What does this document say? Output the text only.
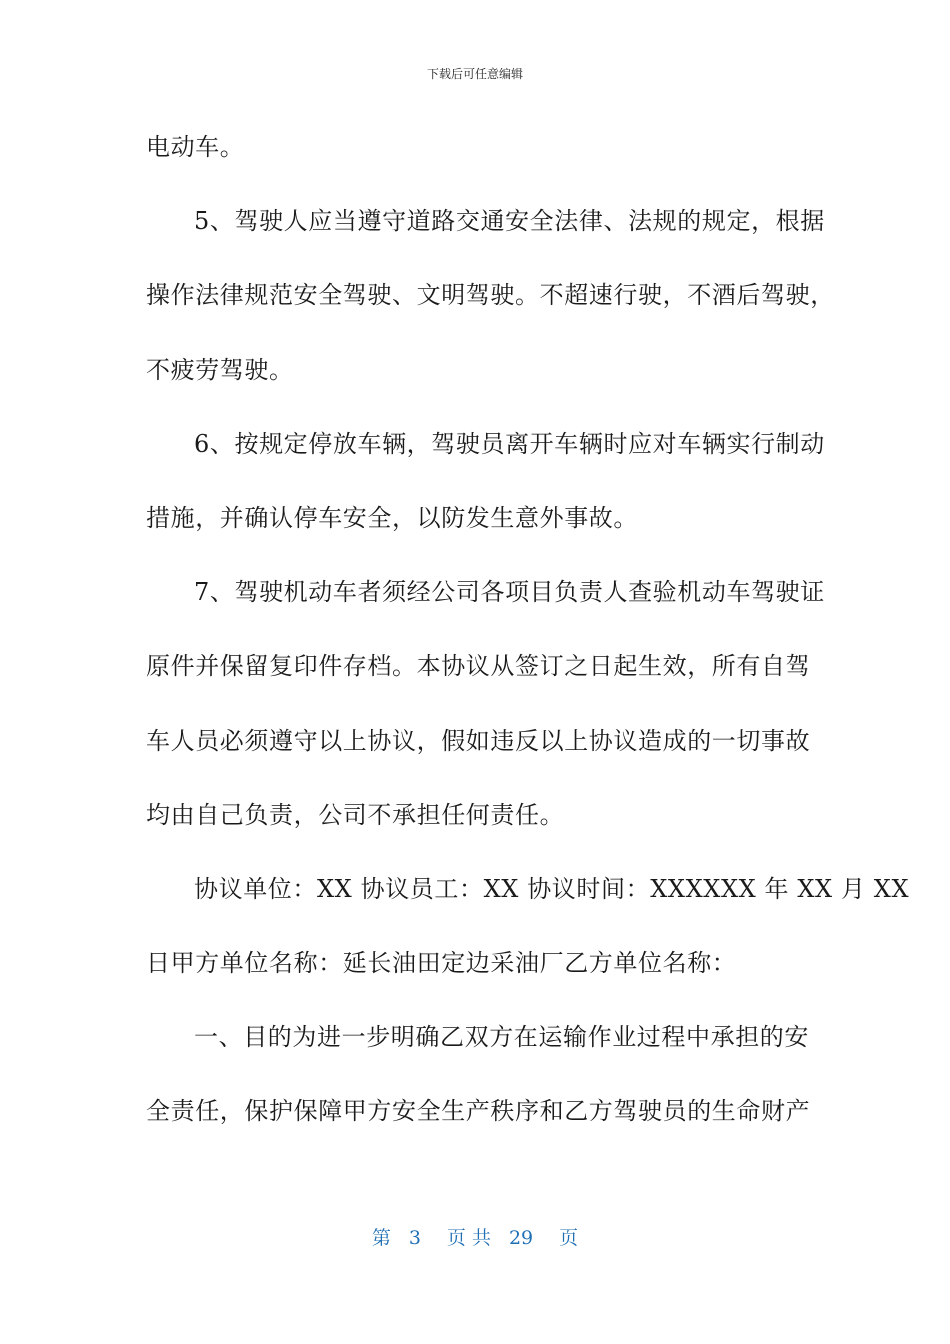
下载后可任意编辑
电动车。
5、驾驶人应当遵守道路交通安全法律、法规的规定，根据
操作法律规范安全驾驶、文明驾驶。不超速行驶，不酒后驾驶，
不疲劳驾驶。
6、按规定停放车辆，驾驶员离开车辆时应对车辆实行制动
措施，并确认停车安全，以防发生意外事故。
7、驾驶机动车者须经公司各项目负责人查验机动车驾驶证
原件并保留复印件存档。本协议从签订之日起生效，所有自驾
车人员必须遵守以上协议，假如违反以上协议造成的一切事故
均由自己负责，公司不承担任何责任。
协议单位：XX 协议员工：XX 协议时间：XXXXXX 年 XX 月 XX
日甲方单位名称：延长油田定边采油厂乙方单位名称：
一、目的为进一步明确乙双方在运输作业过程中承担的安
全责任，保护保障甲方安全生产秩序和乙方驾驶员的生命财产
第 3 页 共 29 页
